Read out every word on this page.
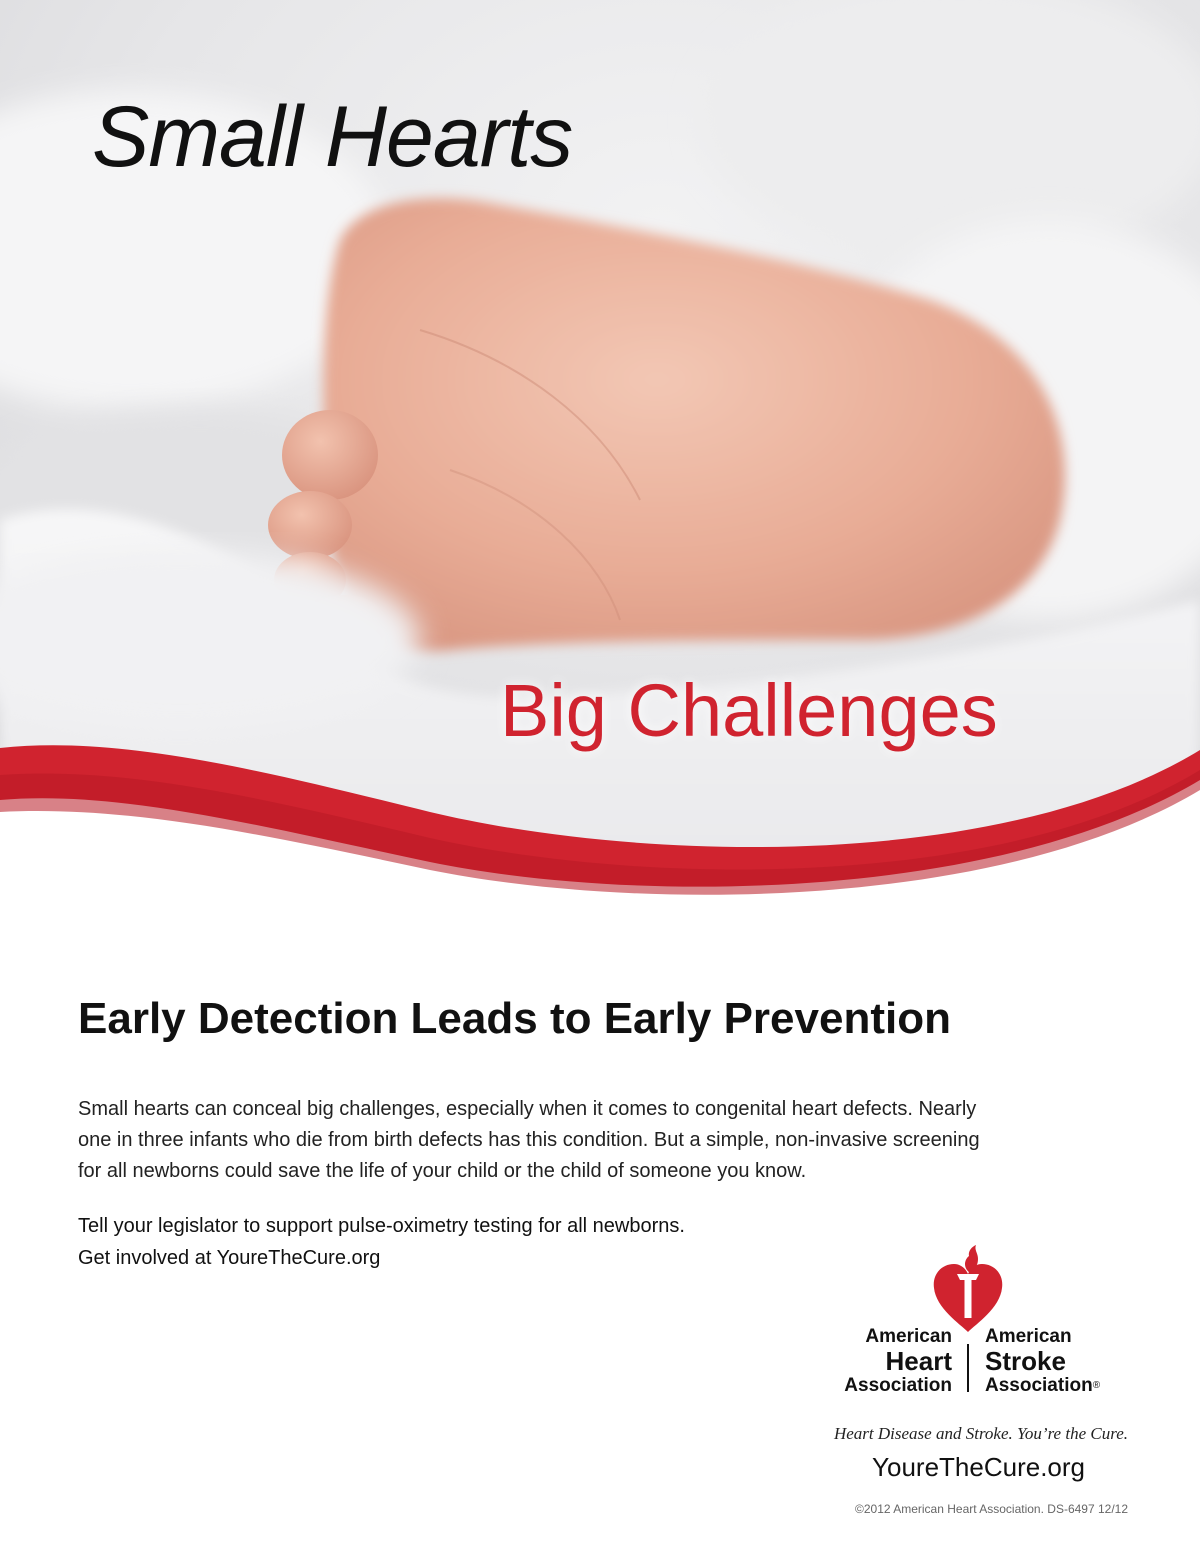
Small Hearts
Big Challenges
Early Detection Leads to Early Prevention
Small hearts can conceal big challenges, especially when it comes to congenital heart defects. Nearly
one in three infants who die from birth defects has this condition. But a simple, non-invasive screening
for all newborns could save the life of your child or the child of someone you know.
Tell your legislator to support pulse-oximetry testing for all newborns.
Get involved at YoureTheCure.org
American
Heart
Association
American
Stroke
Association®
Heart Disease and Stroke. You’re the Cure.
YoureTheCure.org
©2012 American Heart Association. DS-6497 12/12
